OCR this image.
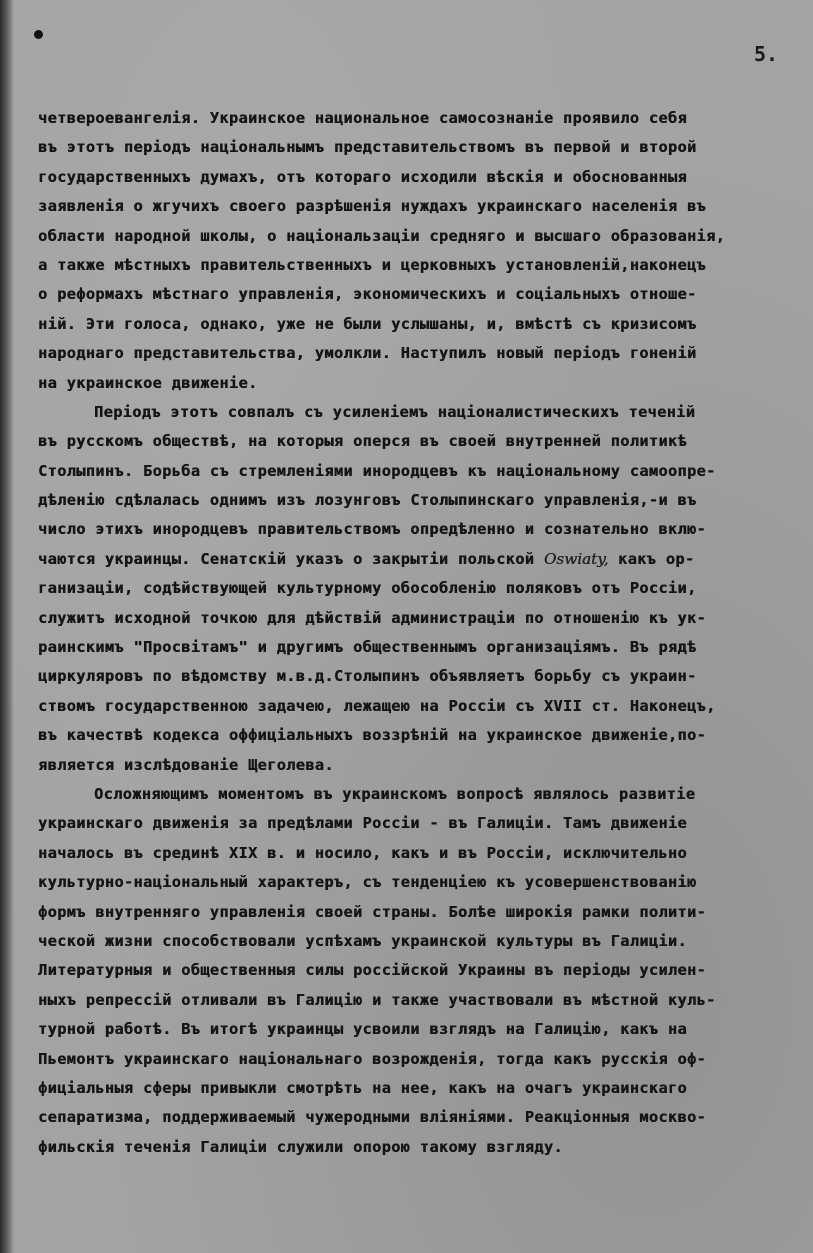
5.
четвероевангелія. Украинское национальное самосознаніе проявило себя
въ этотъ періодъ національнымъ представительствомъ въ первой и второй
государственныхъ думахъ, отъ котораго исходили вѣскія и обоснованныя
заявленія о жгучихъ своего разрѣшенія нуждахъ украинскаго населенія въ
области народной школы, о національзаціи средняго и высшаго образованія,
а также мѣстныхъ правительственныхъ и церковныхъ установленій,наконецъ
о реформахъ мѣстнаго управленія, экономическихъ и соціальныхъ отноше-
ній. Эти голоса, однако, уже не были услышаны, и, вмѣстѣ съ кризисомъ
народнаго представительства, умолкли. Наступилъ новый періодъ гоненій
на украинское движеніе.
Періодъ этотъ совпалъ съ усиленіемъ націоналистическихъ теченій
въ русскомъ обществѣ, на которыя оперся въ своей внутренней политикѣ
Столыпинъ. Борьба съ стремленіями инородцевъ къ національному самоопре-
дѣленію сдѣлалась однимъ изъ лозунговъ Столыпинскаго управленія,-и въ
число этихъ инородцевъ правительствомъ опредѣленно и сознательно вклю-
чаются украинцы. Сенатскій указъ о закрытіи польской Oswiaty, какъ ор-
ганизаціи, содѣйствующей культурному обособленію поляковъ отъ Россіи,
служитъ исходной точкою для дѣйствій администраціи по отношенію къ ук-
раинскимъ "Просвітамъ" и другимъ общественнымъ организаціямъ. Въ рядѣ
циркуляровъ по вѣдомству м.в.д.Столыпинъ объявляетъ борьбу съ украин-
ствомъ государственною задачею, лежащею на Россіи съ XVII ст. Наконецъ,
въ качествѣ кодекса оффиціальныхъ воззрѣній на украинское движеніе,по-
является изслѣдованіе Щеголева.
Осложняющимъ моментомъ въ украинскомъ вопросѣ являлось развитіе
украинскаго движенія за предѣлами Россіи - въ Галиціи. Тамъ движеніе
началось въ срединѣ XIX в. и носило, какъ и въ Россіи, исключительно
культурно-національный характеръ, съ тенденціею къ усовершенствованію
формъ внутренняго управленія своей страны. Болѣе широкія рамки полити-
ческой жизни способствовали успѣхамъ украинской культуры въ Галиціи.
Литературныя и общественныя силы россійской Украины въ періоды усилен-
ныхъ репрессій отливали въ Галицію и также участвовали въ мѣстной куль-
турной работѣ. Въ итогѣ украинцы усвоили взглядъ на Галицію, какъ на
Пьемонтъ украинскаго національнаго возрожденія, тогда какъ русскія оф-
фиціальныя сферы привыкли смотрѣть на нее, какъ на очагъ украинскаго
сепаратизма, поддерживаемый чужеродными вліяніями. Реакціонныя москво-
фильскія теченія Галиціи служили опорою такому взгляду.
